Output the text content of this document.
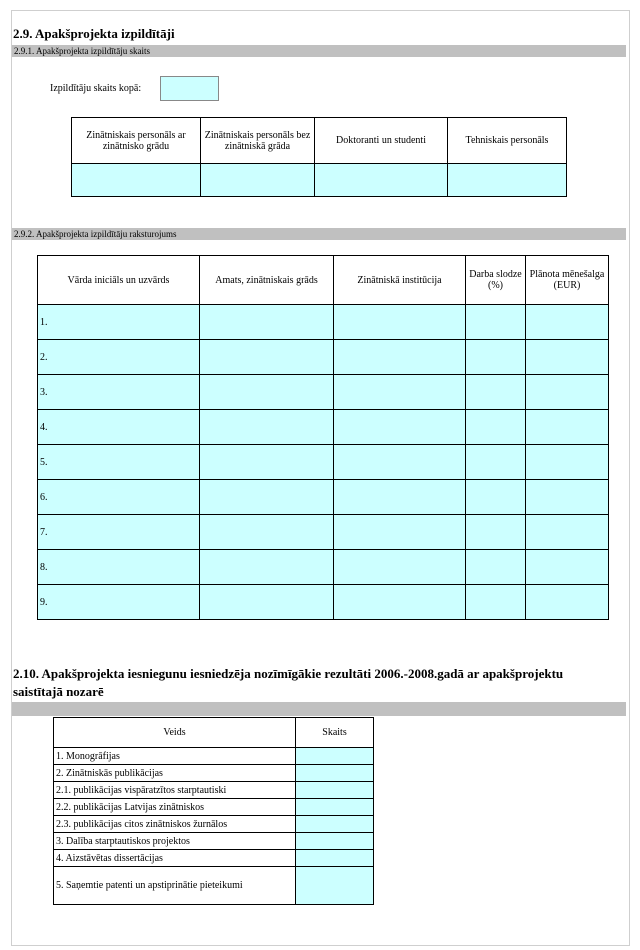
2.9. Apakšprojekta izpildītāji
2.9.1. Apakšprojekta izpildītāju skaits
Izpildītāju skaits kopā:
Zinātniskais personāls ar zinātnisko grādu	Zinātniskais personāls bez zinātniskā grāda	Doktoranti un studenti	Tehniskais personāls

2.9.2. Apakšprojekta izpildītāju raksturojums
Vārda iniciāls un uzvārds	Amats, zinātniskais grāds	Zinātniskā institūcija	Darba slodze (%)	Plānota mēnešalga (EUR)
1.				
2.				
3.				
4.				
5.				
6.				
7.				
8.				
9.				
2.10. Apakšprojekta iesniegunu iesniedzēja nozīmīgākie rezultāti 2006.-2008.gadā ar apakšprojektu saistītajā nozarē
Veids	Skaits
1. Monogrāfijas	
2. Zinātniskās publikācijas	
2.1. publikācijas vispāratzītos starptautiski	
2.2. publikācijas Latvijas zinātniskos	
2.3. publikācijas citos zinātniskos žurnālos	
3. Dalība starptautiskos projektos	
4. Aizstāvētas dissertācijas	
5. Saņemtie patenti un apstiprinātie pieteikumi	
